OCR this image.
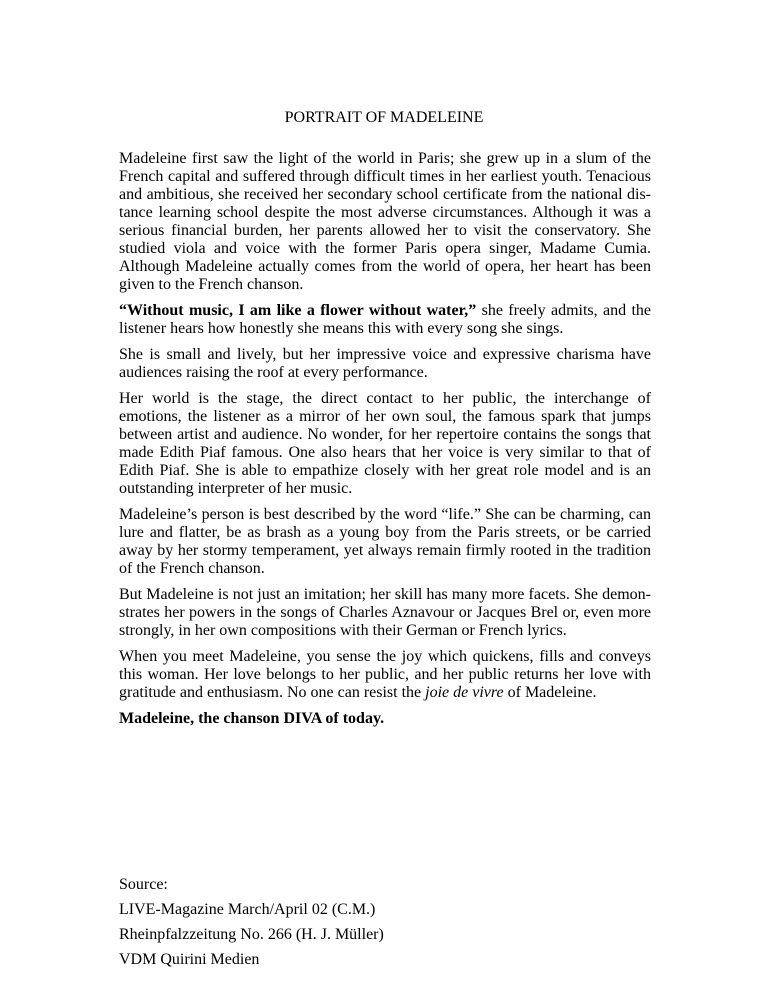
PORTRAIT OF MADELEINE

Madeleine first saw the light of the world in Paris; she grew up in a slum of the French capital and suffered through difficult times in her earliest youth. Tenacious and ambitious, she received her secondary school certificate from the national distance learning school despite the most adverse circumstances. Although it was a serious financial burden, her parents allowed her to visit the conservatory. She studied viola and voice with the former Paris opera singer, Madame Cumia. Although Madeleine actually comes from the world of opera, her heart has been given to the French chanson.

“Without music, I am like a flower without water,” she freely admits, and the listener hears how honestly she means this with every song she sings.

She is small and lively, but her impressive voice and expressive charisma have audiences raising the roof at every performance.

Her world is the stage, the direct contact to her public, the interchange of emotions, the listener as a mirror of her own soul, the famous spark that jumps between artist and audience. No wonder, for her repertoire contains the songs that made Edith Piaf famous. One also hears that her voice is very similar to that of Edith Piaf. She is able to empathize closely with her great role model and is an outstanding interpreter of her music.

Madeleine’s person is best described by the word “life.” She can be charming, can lure and flatter, be as brash as a young boy from the Paris streets, or be carried away by her stormy temperament, yet always remain firmly rooted in the tradition of the French chanson.

But Madeleine is not just an imitation; her skill has many more facets. She demonstrates her powers in the songs of Charles Aznavour or Jacques Brel or, even more strongly, in her own compositions with their German or French lyrics.

When you meet Madeleine, you sense the joy which quickens, fills and conveys this woman. Her love belongs to her public, and her public returns her love with gratitude and enthusiasm. No one can resist the joie de vivre of Madeleine.

Madeleine, the chanson DIVA of today.

Source:
LIVE-Magazine March/April 02 (C.M.)
Rheinpfalzzeitung No. 266 (H. J. Müller)
VDM Quirini Medien
